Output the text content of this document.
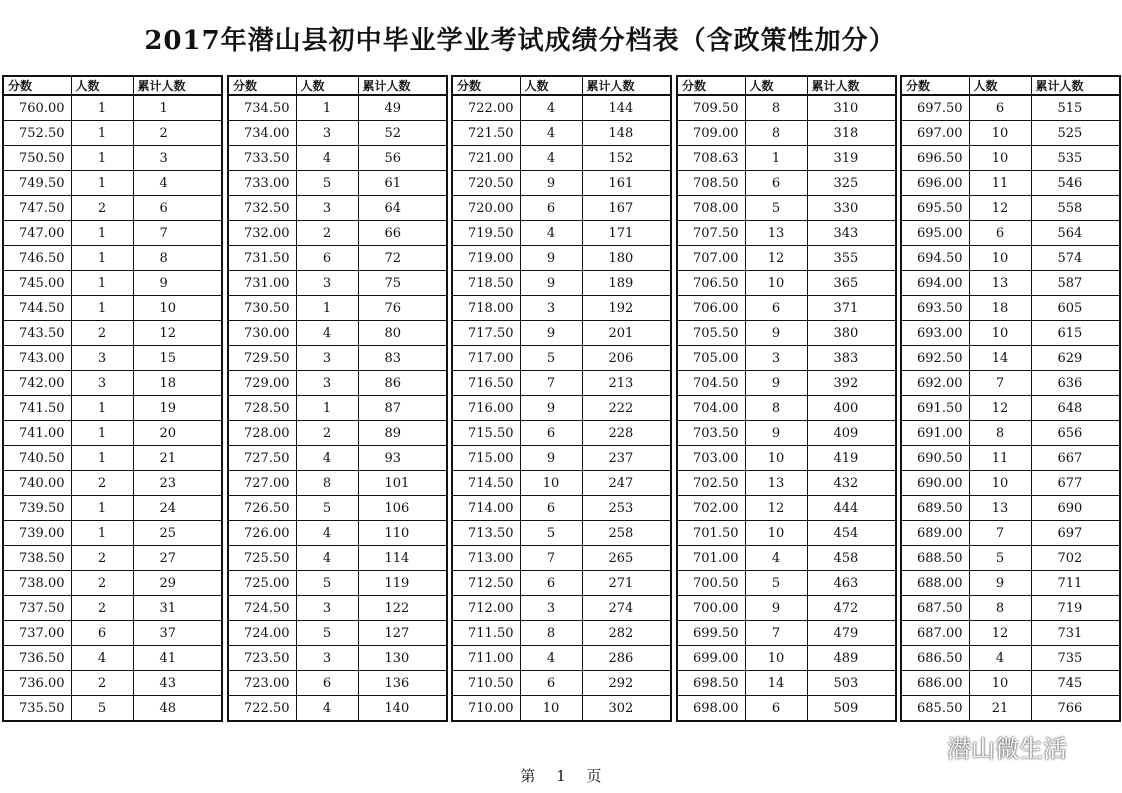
2017年潜山县初中毕业学业考试成绩分档表（含政策性加分）
分数	人数	累计人数
760.00	1	1
752.50	1	2
750.50	1	3
749.50	1	4
747.50	2	6
747.00	1	7
746.50	1	8
745.00	1	9
744.50	1	10
743.50	2	12
743.00	3	15
742.00	3	18
741.50	1	19
741.00	1	20
740.50	1	21
740.00	2	23
739.50	1	24
739.00	1	25
738.50	2	27
738.00	2	29
737.50	2	31
737.00	6	37
736.50	4	41
736.00	2	43
735.50	5	48
分数	人数	累计人数
734.50	1	49
734.00	3	52
733.50	4	56
733.00	5	61
732.50	3	64
732.00	2	66
731.50	6	72
731.00	3	75
730.50	1	76
730.00	4	80
729.50	3	83
729.00	3	86
728.50	1	87
728.00	2	89
727.50	4	93
727.00	8	101
726.50	5	106
726.00	4	110
725.50	4	114
725.00	5	119
724.50	3	122
724.00	5	127
723.50	3	130
723.00	6	136
722.50	4	140
分数	人数	累计人数
722.00	4	144
721.50	4	148
721.00	4	152
720.50	9	161
720.00	6	167
719.50	4	171
719.00	9	180
718.50	9	189
718.00	3	192
717.50	9	201
717.00	5	206
716.50	7	213
716.00	9	222
715.50	6	228
715.00	9	237
714.50	10	247
714.00	6	253
713.50	5	258
713.00	7	265
712.50	6	271
712.00	3	274
711.50	8	282
711.00	4	286
710.50	6	292
710.00	10	302
分数	人数	累计人数
709.50	8	310
709.00	8	318
708.63	1	319
708.50	6	325
708.00	5	330
707.50	13	343
707.00	12	355
706.50	10	365
706.00	6	371
705.50	9	380
705.00	3	383
704.50	9	392
704.00	8	400
703.50	9	409
703.00	10	419
702.50	13	432
702.00	12	444
701.50	10	454
701.00	4	458
700.50	5	463
700.00	9	472
699.50	7	479
699.00	10	489
698.50	14	503
698.00	6	509
分数	人数	累计人数
697.50	6	515
697.00	10	525
696.50	10	535
696.00	11	546
695.50	12	558
695.00	6	564
694.50	10	574
694.00	13	587
693.50	18	605
693.00	10	615
692.50	14	629
692.00	7	636
691.50	12	648
691.00	8	656
690.50	11	667
690.00	10	677
689.50	13	690
689.00	7	697
688.50	5	702
688.00	9	711
687.50	8	719
687.00	12	731
686.50	4	735
686.00	10	745
685.50	21	766
潜山微生活
第 1 页
